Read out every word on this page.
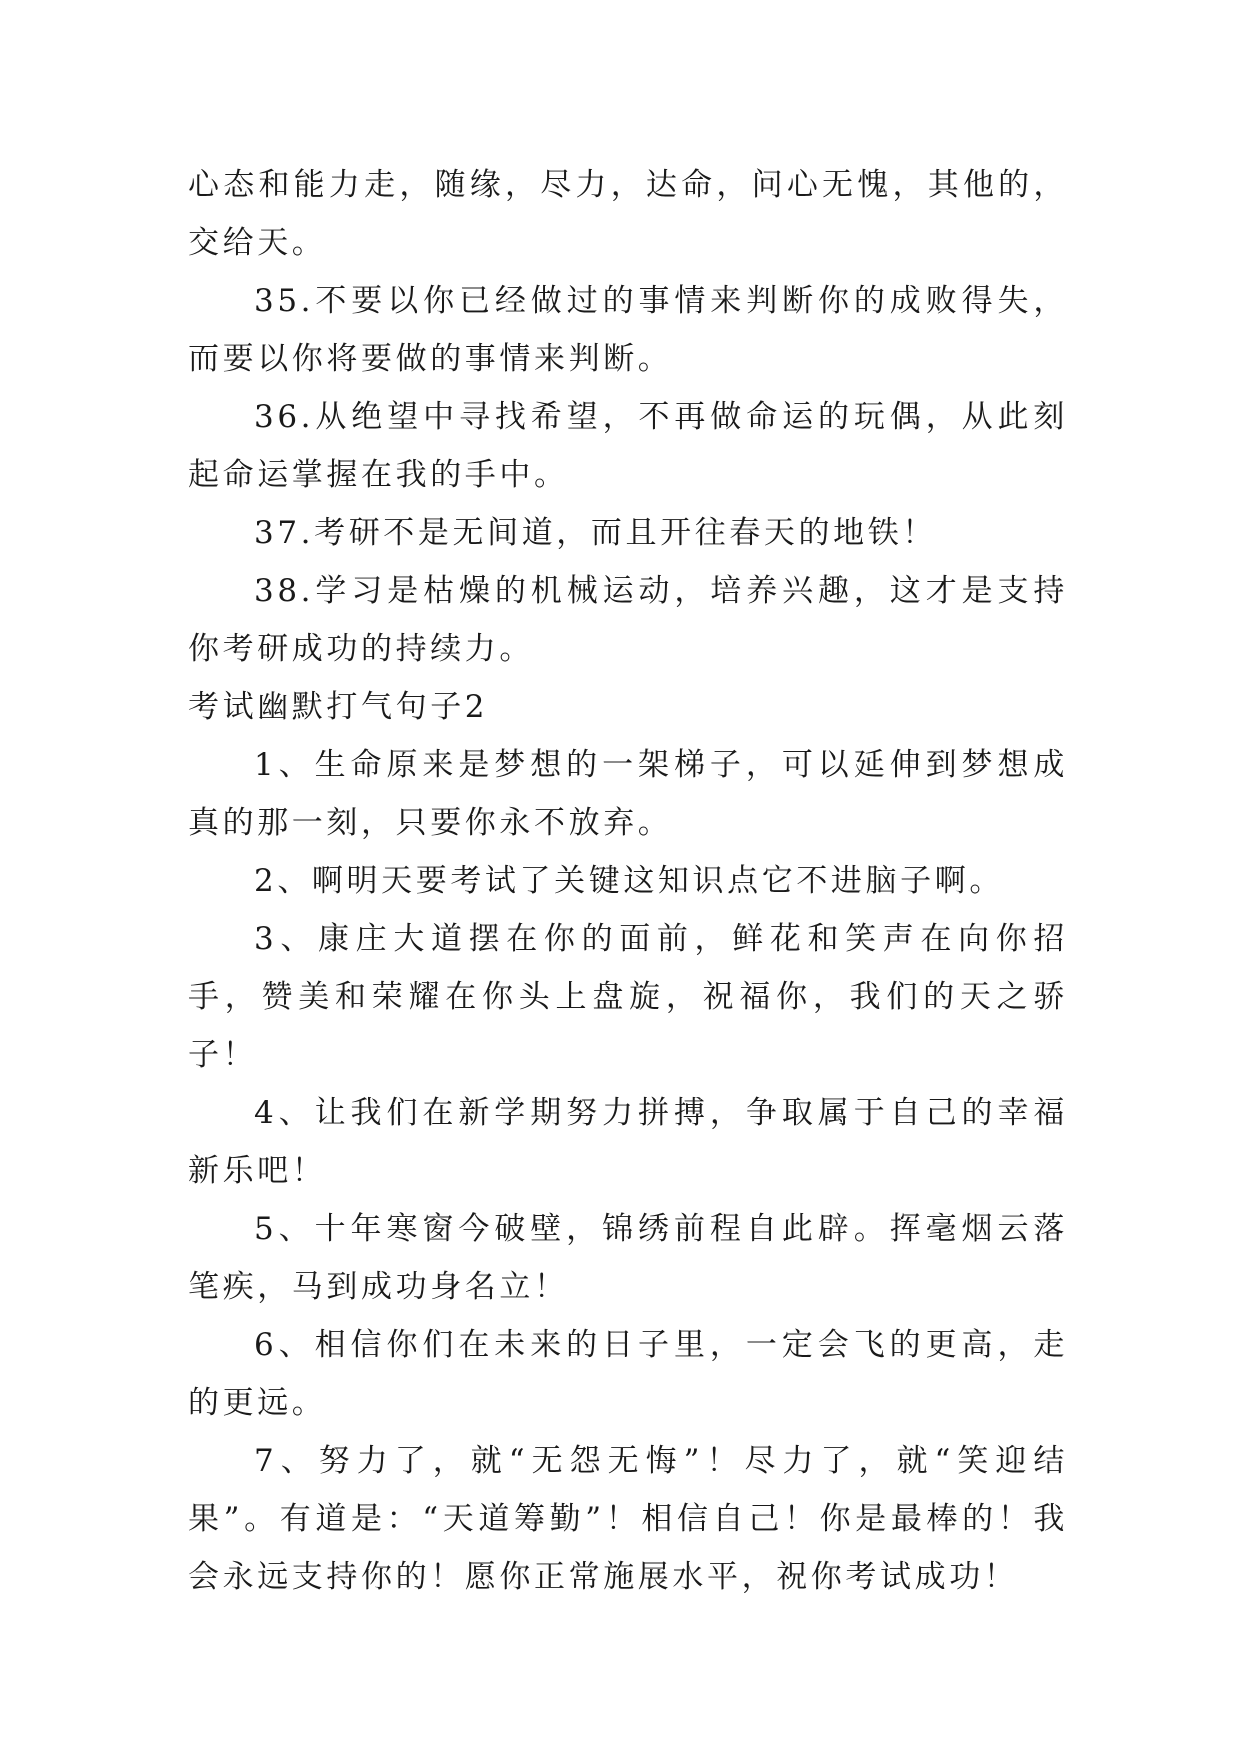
心态和能力走，随缘，尽力，达命，问心无愧，其他的，交给天。

35.不要以你已经做过的事情来判断你的成败得失，而要以你将要做的事情来判断。

36.从绝望中寻找希望，不再做命运的玩偶，从此刻起命运掌握在我的手中。

37.考研不是无间道，而且开往春天的地铁！

38.学习是枯燥的机械运动，培养兴趣，这才是支持你考研成功的持续力。

考试幽默打气句子2

1、生命原来是梦想的一架梯子，可以延伸到梦想成真的那一刻，只要你永不放弃。

2、啊明天要考试了关键这知识点它不进脑子啊。

3、康庄大道摆在你的面前，鲜花和笑声在向你招手，赞美和荣耀在你头上盘旋，祝福你，我们的天之骄子！

4、让我们在新学期努力拼搏，争取属于自己的幸福新乐吧！

5、十年寒窗今破壁，锦绣前程自此辟。挥毫烟云落笔疾，马到成功身名立！

6、相信你们在未来的日子里，一定会飞的更高，走的更远。

7、努力了，就“无怨无悔”！尽力了，就“笑迎结果”。有道是：“天道筹勤”！相信自己！你是最棒的！我会永远支持你的！愿你正常施展水平，祝你考试成功！
